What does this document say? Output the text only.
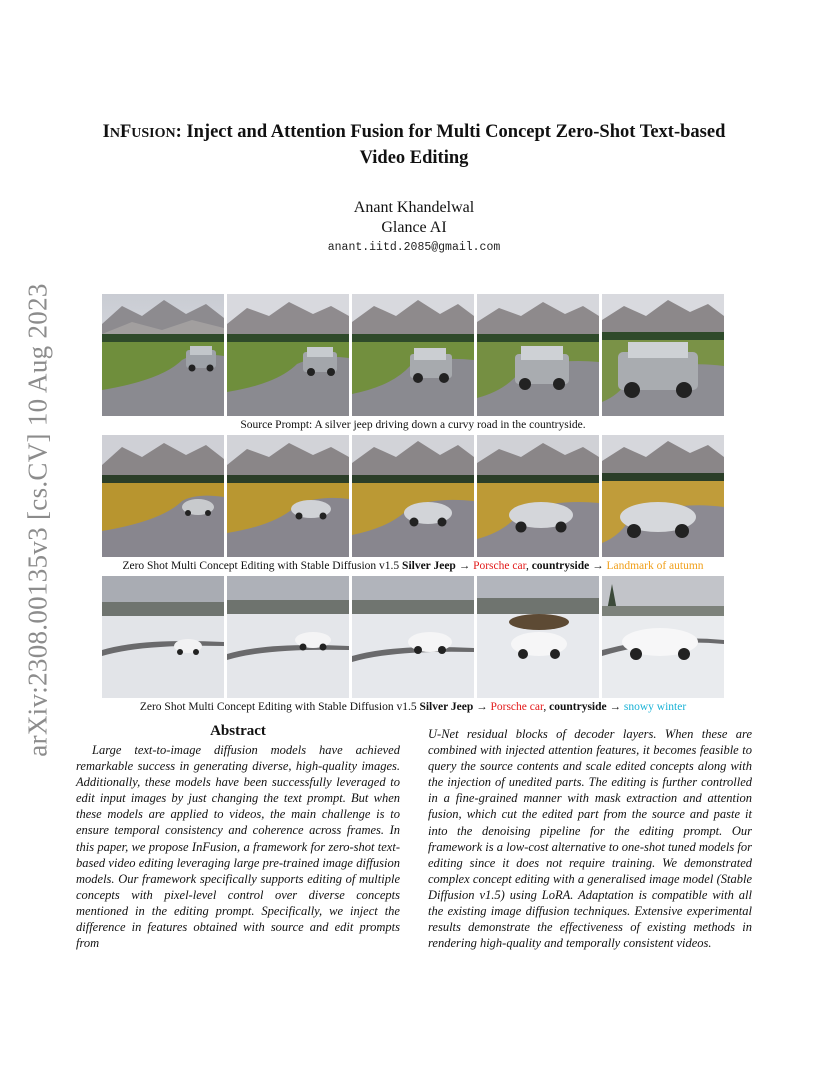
arXiv:2308.00135v3 [cs.CV] 10 Aug 2023
INFUSION: Inject and Attention Fusion for Multi Concept Zero-Shot Text-based
Video Editing
Anant Khandelwal
Glance AI
anant.iitd.2085@gmail.com
Source Prompt: A silver jeep driving down a curvy road in the countryside.
Zero Shot Multi Concept Editing with Stable Diffusion v1.5 Silver Jeep → Porsche car, countryside → Landmark of autumn
Zero Shot Multi Concept Editing with Stable Diffusion v1.5 Silver Jeep → Porsche car, countryside → snowy winter
Abstract
Large text-to-image diffusion models have achieved remarkable success in generating diverse, high-quality images. Additionally, these models have been successfully leveraged to edit input images by just changing the text prompt. But when these models are applied to videos, the main challenge is to ensure temporal consistency and coherence across frames. In this paper, we propose InFusion, a framework for zero-shot text-based video editing leveraging large pre-trained image diffusion models. Our framework specifically supports editing of multiple concepts with pixel-level control over diverse concepts mentioned in the editing prompt. Specifically, we inject the difference in features obtained with source and edit prompts from
U-Net residual blocks of decoder layers. When these are combined with injected attention features, it becomes feasible to query the source contents and scale edited concepts along with the injection of unedited parts. The editing is further controlled in a fine-grained manner with mask extraction and attention fusion, which cut the edited part from the source and paste it into the denoising pipeline for the editing prompt. Our framework is a low-cost alternative to one-shot tuned models for editing since it does not require training. We demonstrated complex concept editing with a generalised image model (Stable Diffusion v1.5) using LoRA. Adaptation is compatible with all the existing image diffusion techniques. Extensive experimental results demonstrate the effectiveness of existing methods in rendering high-quality and temporally consistent videos.
